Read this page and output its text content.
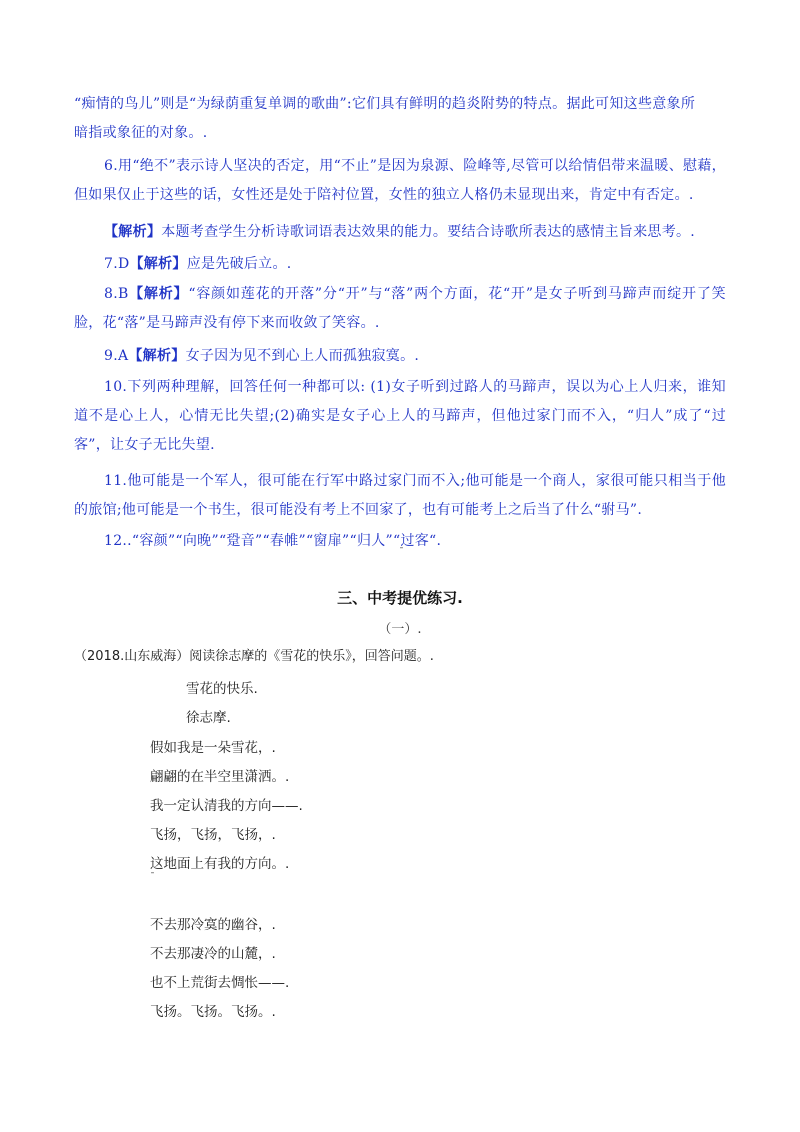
“痴情的鸟儿”则是“为绿荫重复单调的歌曲”:它们具有鲜明的趋炎附势的特点。据此可知这些意象所

暗指或象征的对象。.

6.用“绝不”表示诗人坚决的否定，用“不止”是因为泉源、险峰等,尽管可以给情侣带来温暖、慰藉，但如果仅止于这些的话，女性还是处于陪衬位置，女性的独立人格仍未显现出来，肯定中有否定。.

【解析】本题考查学生分析诗歌词语表达效果的能力。要结合诗歌所表达的感情主旨来思考。.

7.D【解析】应是先破后立。.

8.B【解析】“容颜如莲花的开落”分“开”与“落”两个方面，花“开”是女子听到马蹄声而绽开了笑脸，花“落”是马蹄声没有停下来而收敛了笑容。.

9.A【解析】女子因为见不到心上人而孤独寂寞。.

10.下列两种理解，回答任何一种都可以: (1)女子听到过路人的马蹄声，误以为心上人归来，谁知道不是心上人，心情无比失望;(2)确实是女子心上人的马蹄声，但他过家门而不入，“归人”成了“过客”，让女子无比失望.

11.他可能是一个军人，很可能在行军中路过家门而不入;他可能是一个商人，家很可能只相当于他的旅馆;他可能是一个书生，很可能没有考上不回家了，也有可能考上之后当了什么“驸马”.

12..“容颜”“向晚”“跫音”“春帷”“窗扉”“归人”“过客“.

¯
三、中考提优练习.
（一）.
（2018.山东威海）阅读徐志摩的《雪花的快乐》，回答问题。.
雪花的快乐.
徐志摩.
假如我是一朵雪花，.
翩翩的在半空里潇洒。.
我一定认清我的方向——.
飞扬，飞扬，飞扬，.
这地面上有我的方向。.
¯
不去那冷寞的幽谷，.
不去那凄冷的山麓，.
也不上荒街去惆怅——.
飞扬。飞扬。飞扬。.
